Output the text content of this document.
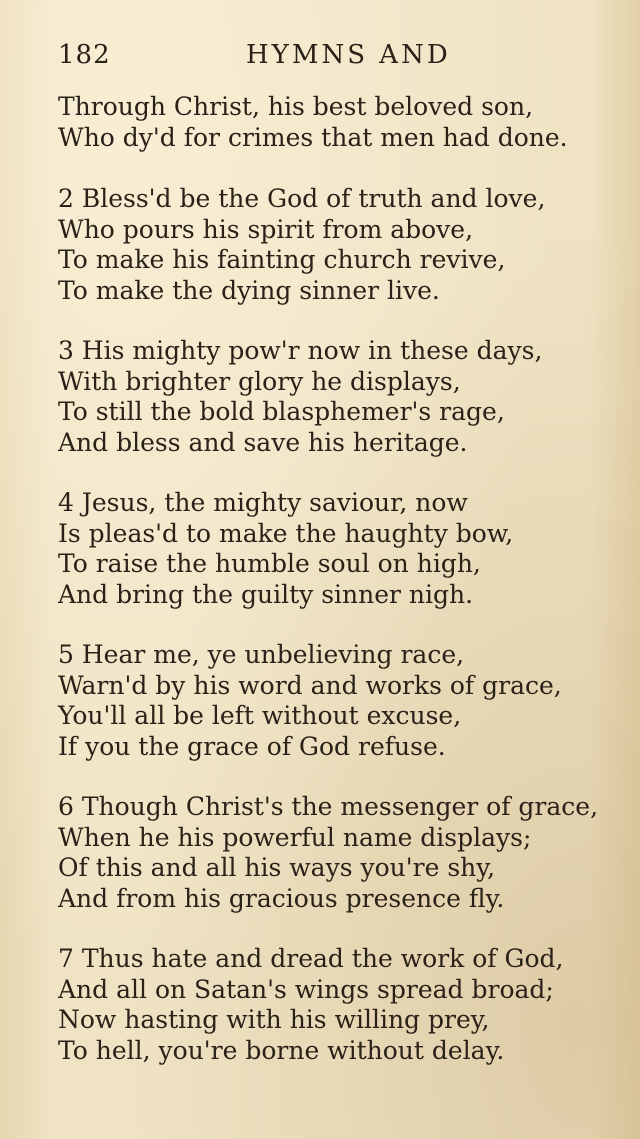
182	HYMNS AND
Through Christ, his best beloved son,
Who dy'd for crimes that men had done.
2 Bless'd be the God of truth and love,
Who pours his spirit from above,
To make his fainting church revive,
To make the dying sinner live.
3 His mighty pow'r now in these days,
With brighter glory he displays,
To still the bold blasphemer's rage,
And bless and save his heritage.
4 Jesus, the mighty saviour, now
Is pleas'd to make the haughty bow,
To raise the humble soul on high,
And bring the guilty sinner nigh.
5 Hear me, ye unbelieving race,
Warn'd by his word and works of grace,
You'll all be left without excuse,
If you the grace of God refuse.
6 Though Christ's the messenger of grace,
When he his powerful name displays;
Of this and all his ways you're shy,
And from his gracious presence fly.
7 Thus hate and dread the work of God,
And all on Satan's wings spread broad;
Now hasting with his willing prey,
To hell, you're borne without delay.
